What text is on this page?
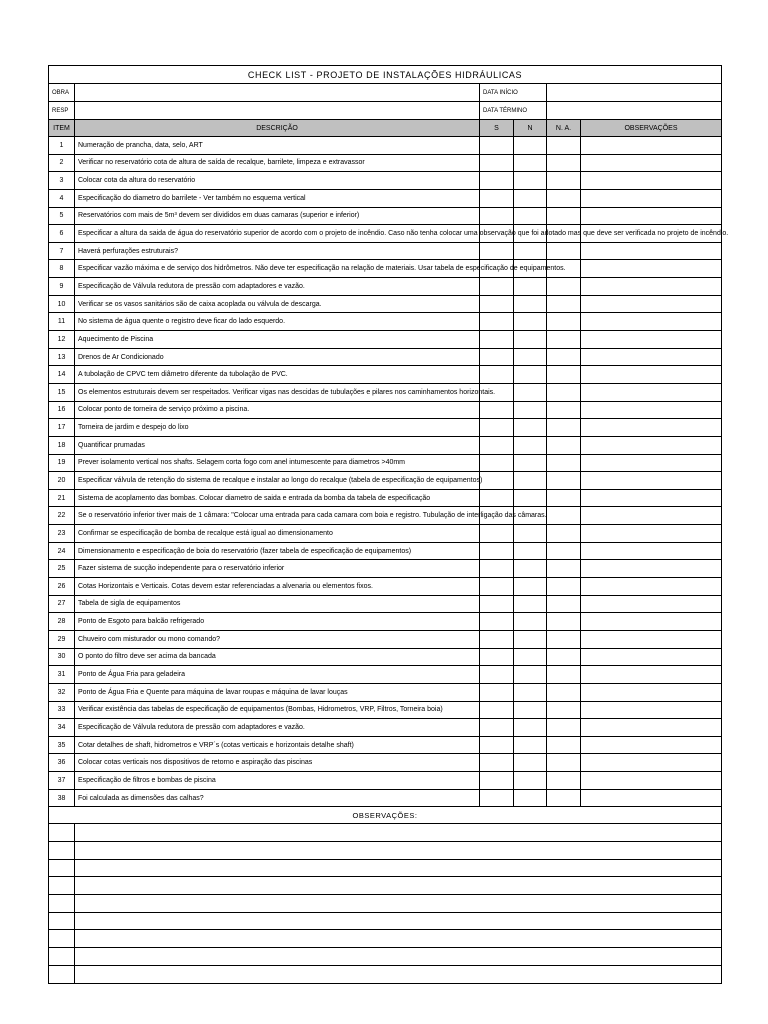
CHECK LIST - PROJETO DE INSTALAÇÕES HIDRÁULICAS					
OBRA		DATA INÍCIO			
RESP		DATA TÉRMINO			
ITEM	DESCRIÇÃO	S	N	N. A.	OBSERVAÇÕES
1	Numeração de prancha, data, selo, ART				
2	Verificar no reservatório cota de altura de saída de recalque, barrilete, limpeza e extravassor				
3	Colocar cota da altura do reservatório				
4	Especificação do diametro do barrilete - Ver também no esquema vertical				
5	Reservatórios com mais de 5m³ devem ser divididos em duas camaras (superior e inferior)				
6	Especificar a altura da saida de água do reservatório superior de acordo com o projeto de incêndio. Caso não tenha colocar uma observação que foi adotado mas que deve ser verificada no projeto de incêndio.				
7	Haverá perfurações estruturais?				
8	Especificar vazão máxima e de serviço dos hidrômetros. Não deve ter especificação na relação de materiais. Usar tabela de especificação de equipamentos.				
9	Especificação de Válvula redutora de pressão com adaptadores e vazão.				
10	Verificar se os vasos sanitários são de caixa acoplada ou válvula de descarga.				
11	No sistema de água quente o registro deve ficar do lado esquerdo.				
12	Aquecimento de Piscina				
13	Drenos de Ar Condicionado				
14	A tubolação de CPVC tem diâmetro diferente da tubolação de PVC.				
15	Os elementos estruturais devem ser respeitados. Verificar vigas nas descidas de tubulações e pilares nos caminhamentos horizontais.				
16	Colocar ponto de torneira de serviço próximo a piscina.				
17	Torneira de jardim e despejo do lixo				
18	Quantificar prumadas				
19	Prever isolamento vertical nos shafts. Selagem corta fogo com anel intumescente para diametros >40mm				
20	Especificar válvula de retenção do sistema de recalque e instalar ao longo do recalque (tabela de especificação de equipamentos)				
21	Sistema de acoplamento das bombas. Colocar diametro de saida e entrada da bomba da tabela de especificação				
22	Se o reservatório inferior tiver mais de 1 câmara: "Colocar uma entrada para cada camara com boia e registro. Tubulação de interligação das câmaras.				
23	Confirmar se especificação de bomba de recalque está igual ao dimensionamento				
24	Dimensionamento e especificação de boia do reservatório (fazer tabela de especificação de equipamentos)				
25	Fazer sistema de sucção independente para o reservatório inferior				
26	Cotas Horizontais e Verticais. Cotas devem estar referenciadas a alvenaria ou elementos fixos.				
27	Tabela de sigla de equipamentos				
28	Ponto de Esgoto para balcão refrigerado				
29	Chuveiro com misturador ou mono comando?				
30	O ponto do filtro deve ser acima da bancada				
31	Ponto de Água Fria para geladeira				
32	Ponto de Água Fria e Quente para máquina de lavar roupas e máquina de lavar louças				
33	Verificar existência das tabelas de especificação de equipamentos (Bombas, Hidrometros, VRP, Filtros, Torneira boia)				
34	Especificação de Válvula redutora de pressão com adaptadores e vazão.				
35	Cotar detalhes de shaft, hidrometros e VRP´s (cotas verticais e horizontais detalhe shaft)				
36	Colocar cotas verticais nos dispositivos de retorno e aspiração das piscinas				
37	Especificação de filtros e bombas de piscina				
38	Foi calculada as dimensões das calhas?				
OBSERVAÇÕES:					
